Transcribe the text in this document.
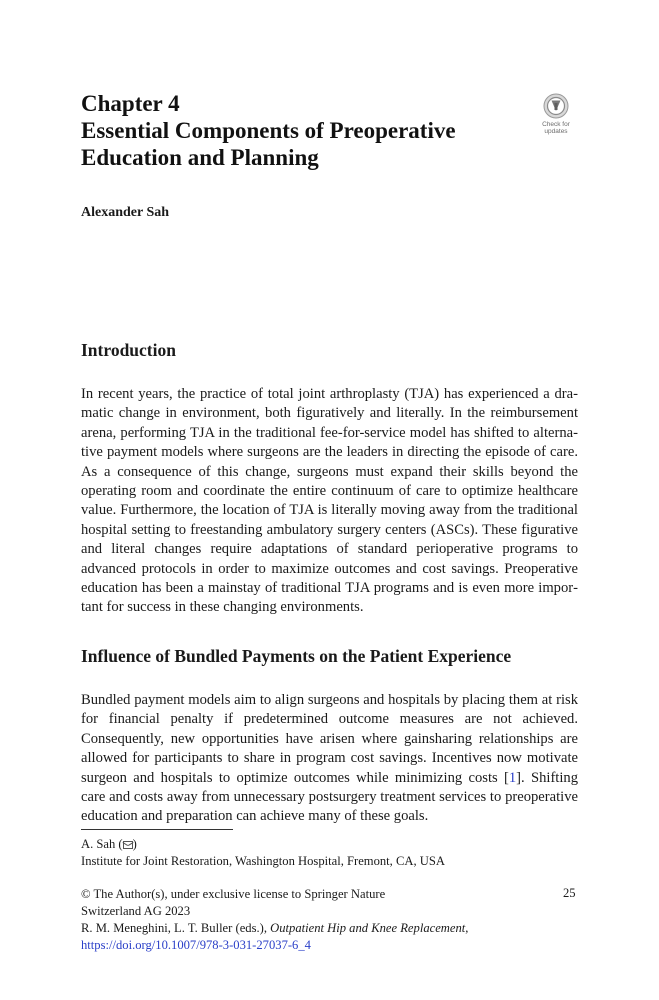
Chapter 4
Essential Components of Preoperative
Education and Planning
Check for
updates
Alexander Sah
Introduction
In recent years, the practice of total joint arthroplasty (TJA) has experienced a dramatic change in environment, both figuratively and literally. In the reimbursement arena, performing TJA in the traditional fee-for-service model has shifted to alternative payment models where surgeons are the leaders in directing the episode of care. As a consequence of this change, surgeons must expand their skills beyond the operating room and coordinate the entire continuum of care to optimize healthcare value. Furthermore, the location of TJA is literally moving away from the traditional hospital setting to freestanding ambulatory surgery centers (ASCs). These figurative and literal changes require adaptations of standard perioperative programs to advanced protocols in order to maximize outcomes and cost savings. Preoperative education has been a mainstay of traditional TJA programs and is even more important for success in these changing environments.
Influence of Bundled Payments on the Patient Experience
Bundled payment models aim to align surgeons and hospitals by placing them at risk for financial penalty if predetermined outcome measures are not achieved. Consequently, new opportunities have arisen where gainsharing relationships are allowed for participants to share in program cost savings. Incentives now motivate surgeon and hospitals to optimize outcomes while minimizing costs [1]. Shifting care and costs away from unnecessary postsurgery treatment services to preoperative education and preparation can achieve many of these goals.
A. Sah ( )
Institute for Joint Restoration, Washington Hospital, Fremont, CA, USA
© The Author(s), under exclusive license to Springer Nature
Switzerland AG 2023
R. M. Meneghini, L. T. Buller (eds.), Outpatient Hip and Knee Replacement,
https://doi.org/10.1007/978-3-031-27037-6_4
25
